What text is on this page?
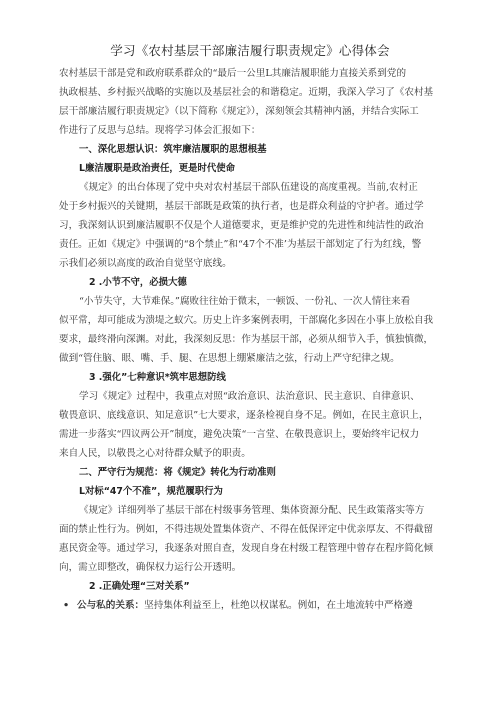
学习《农村基层干部廉洁履行职责规定》心得体会
农村基层干部是党和政府联系群众的“最后一公里L其廉洁履职能力直接关系到党的
执政根基、乡村振兴战略的实施以及基层社会的和谐稳定。近期，我深入学习了《农村基
层干部廉洁履行职责规定》（以下简称《规定》），深刻领会其精神内涵，并结合实际工
作进行了反思与总结。现将学习体会汇报如下：
一、深化思想认识：筑牢廉洁履职的思想根基
L廉洁履职是政治责任，更是时代使命
《规定》的出台体现了党中央对农村基层干部队伍建设的高度重视。当前,农村正
处于乡村振兴的关键期，基层干部既是政策的执行者，也是群众利益的守护者。通过学
习，我深刻认识到廉洁履职不仅是个人道德要求，更是维护党的先进性和纯洁性的政治
责任。正如《规定》中强调的“8个禁止”和“47个不准’为基层干部划定了行为红线，警
示我们必须以高度的政治自觉坚守底线。
2 .小节不守，必损大德
“小节失守，大节难保。”腐败往往始于微末，一顿饭、一份礼、一次人情往来看
似平常，却可能成为溃堤之蚁穴。历史上许多案例表明，干部腐化多因在小事上放松自我
要求，最终滑向深渊。对此，我深刻反思：作为基层干部，必须从细节入手，慎独慎微，
做到“管住脑、眼、嘴、手、腿、在思想上绷紧廉洁之弦，行动上严守纪律之规。
3 .强化”七种意识*筑牢思想防线
学习《规定》过程中，我重点对照“政治意识、法治意识、民主意识、自律意识、
敬畏意识、底线意识、知足意识”七大要求，逐条检视自身不足。例如，在民主意识上，
需进一步落实“四议两公开”制度，避免决策“一言堂、在敬畏意识上，要始终牢记权力
来自人民，以敬畏之心对待群众赋予的职责。
二、严守行为规范：将《规定》转化为行动准则
L对标“47个不准”，规范履职行为
《规定》详细列举了基层干部在村级事务管理、集体资源分配、民生政策落实等方
面的禁止性行为。例如，不得违规处置集体资产、不得在低保评定中优亲厚友、不得截留
惠民资金等。通过学习，我逐条对照自查，发现自身在村级工程管理中曾存在程序简化倾
向，需立即整改，确保权力运行公开透明。
2 .正确处理“三对关系”
• 公与私的关系：坚持集体利益至上，杜绝以权谋私。例如，在土地流转中严格遵
